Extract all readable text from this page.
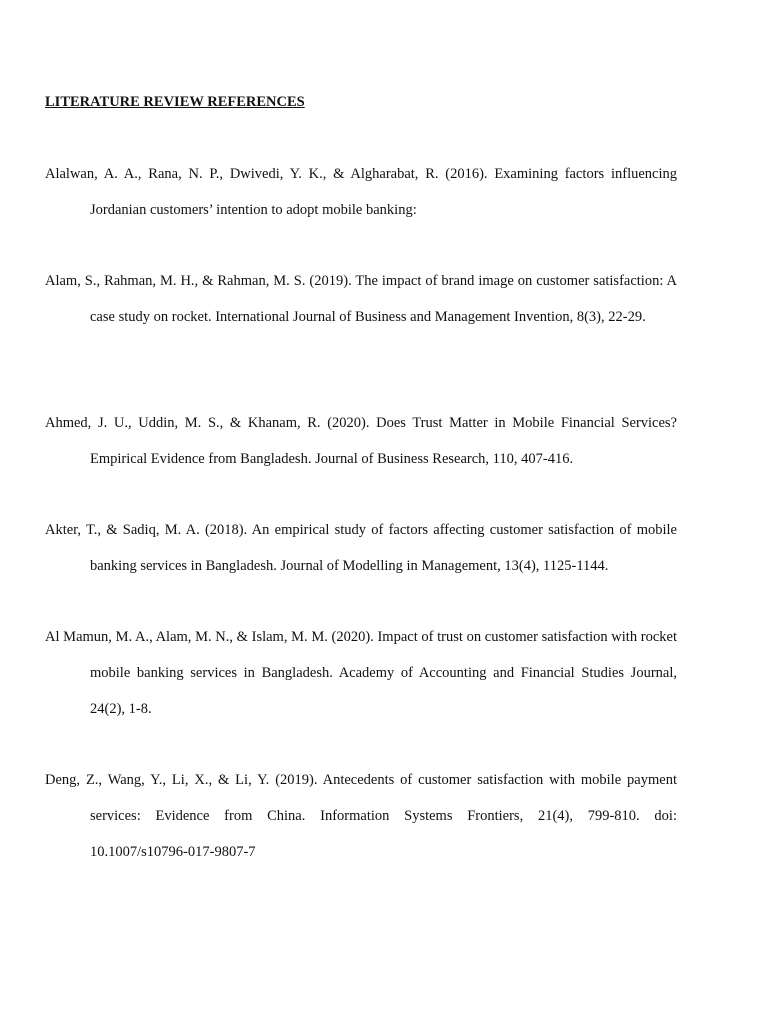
LITERATURE REVIEW REFERENCES
Alalwan, A. A., Rana, N. P., Dwivedi, Y. K., & Algharabat, R. (2016). Examining factors influencing Jordanian customers’ intention to adopt mobile banking:
Alam, S., Rahman, M. H., & Rahman, M. S. (2019). The impact of brand image on customer satisfaction: A case study on rocket. International Journal of Business and Management Invention, 8(3), 22-29.
Ahmed, J. U., Uddin, M. S., & Khanam, R. (2020). Does Trust Matter in Mobile Financial Services? Empirical Evidence from Bangladesh. Journal of Business Research, 110, 407-416.
Akter, T., & Sadiq, M. A. (2018). An empirical study of factors affecting customer satisfaction of mobile banking services in Bangladesh. Journal of Modelling in Management, 13(4), 1125-1144.
Al Mamun, M. A., Alam, M. N., & Islam, M. M. (2020). Impact of trust on customer satisfaction with rocket mobile banking services in Bangladesh. Academy of Accounting and Financial Studies Journal, 24(2), 1-8.
Deng, Z., Wang, Y., Li, X., & Li, Y. (2019). Antecedents of customer satisfaction with mobile payment services: Evidence from China. Information Systems Frontiers, 21(4), 799-810. doi: 10.1007/s10796-017-9807-7
